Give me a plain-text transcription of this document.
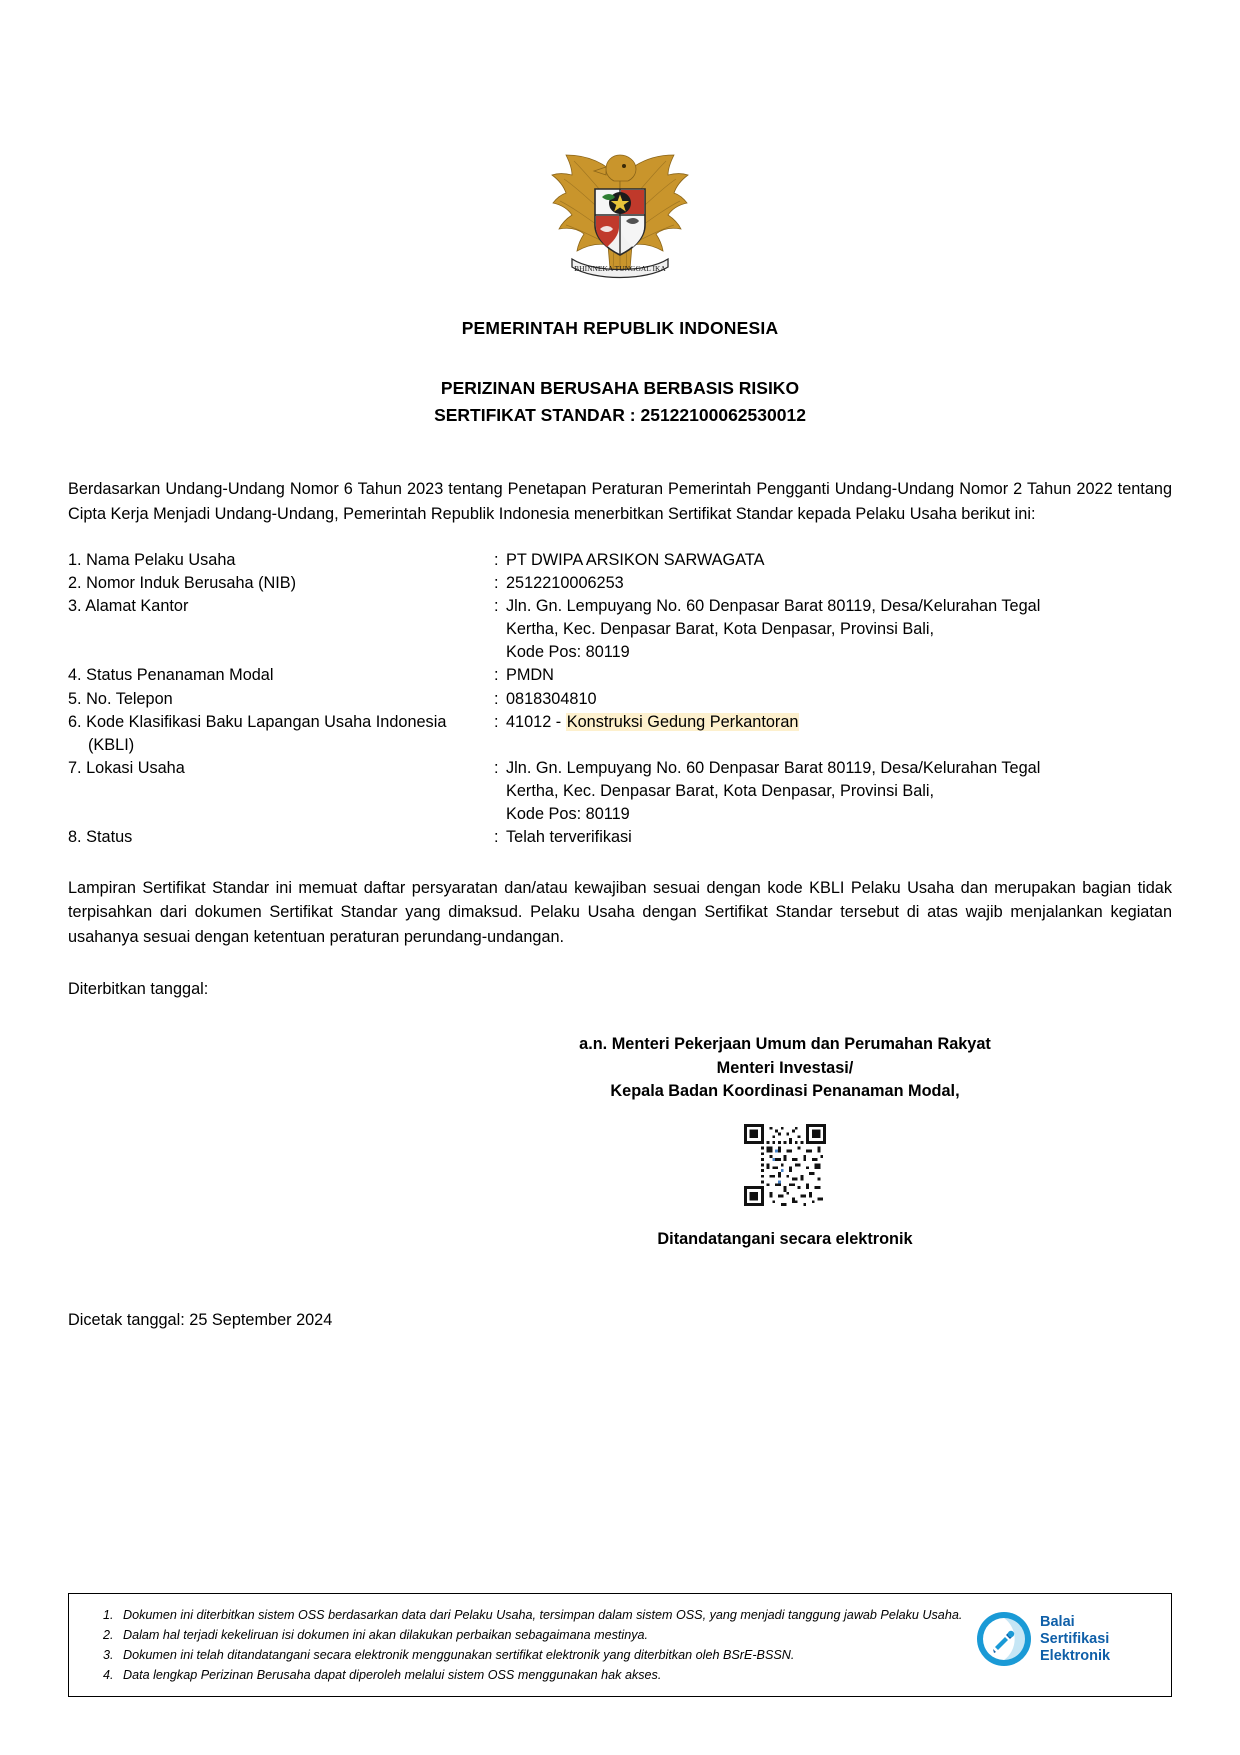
BHINNEKA TUNGGAL IKA
PEMERINTAH REPUBLIK INDONESIA
PERIZINAN BERUSAHA BERBASIS RISIKO
SERTIFIKAT STANDAR : 25122100062530012
Berdasarkan Undang-Undang Nomor 6 Tahun 2023 tentang Penetapan Peraturan Pemerintah Pengganti Undang-Undang Nomor 2 Tahun 2022 tentang Cipta Kerja Menjadi Undang-Undang, Pemerintah Republik Indonesia menerbitkan Sertifikat Standar kepada Pelaku Usaha berikut ini:
1. Nama Pelaku Usaha	: PT DWIPA ARSIKON SARWAGATA
2. Nomor Induk Berusaha (NIB)	: 2512210006253
3. Alamat Kantor	: Jln. Gn. Lempuyang No. 60 Denpasar Barat 80119, Desa/Kelurahan Tegal
Kertha, Kec. Denpasar Barat, Kota Denpasar, Provinsi Bali,
Kode Pos: 80119

4. Status Penanaman Modal	: PMDN
5. No. Telepon	: 0818304810
6. Kode Klasifikasi Baku Lapangan Usaha Indonesia
(KBLI)	: 41012 - Konstruksi Gedung Perkantoran
7. Lokasi Usaha	: Jln. Gn. Lempuyang No. 60 Denpasar Barat 80119, Desa/Kelurahan Tegal
Kertha, Kec. Denpasar Barat, Kota Denpasar, Provinsi Bali,
Kode Pos: 80119

8. Status	: Telah terverifikasi
Lampiran Sertifikat Standar ini memuat daftar persyaratan dan/atau kewajiban sesuai dengan kode KBLI Pelaku Usaha dan merupakan bagian tidak terpisahkan dari dokumen Sertifikat Standar yang dimaksud. Pelaku Usaha dengan Sertifikat Standar tersebut di atas wajib menjalankan kegiatan usahanya sesuai dengan ketentuan peraturan perundang-undangan.
Diterbitkan tanggal:
a.n. Menteri Pekerjaan Umum dan Perumahan Rakyat
Menteri Investasi/
Kepala Badan Koordinasi Penanaman Modal,
Ditandatangani secara elektronik
Dicetak tanggal: 25 September 2024
1. Dokumen ini diterbitkan sistem OSS berdasarkan data dari Pelaku Usaha, tersimpan dalam sistem OSS, yang menjadi tanggung jawab Pelaku Usaha.
2. Dalam hal terjadi kekeliruan isi dokumen ini akan dilakukan perbaikan sebagaimana mestinya.
3. Dokumen ini telah ditandatangani secara elektronik menggunakan sertifikat elektronik yang diterbitkan oleh BSrE-BSSN.
4. Data lengkap Perizinan Berusaha dapat diperoleh melalui sistem OSS menggunakan hak akses.
Balai
Sertifikasi
Elektronik
